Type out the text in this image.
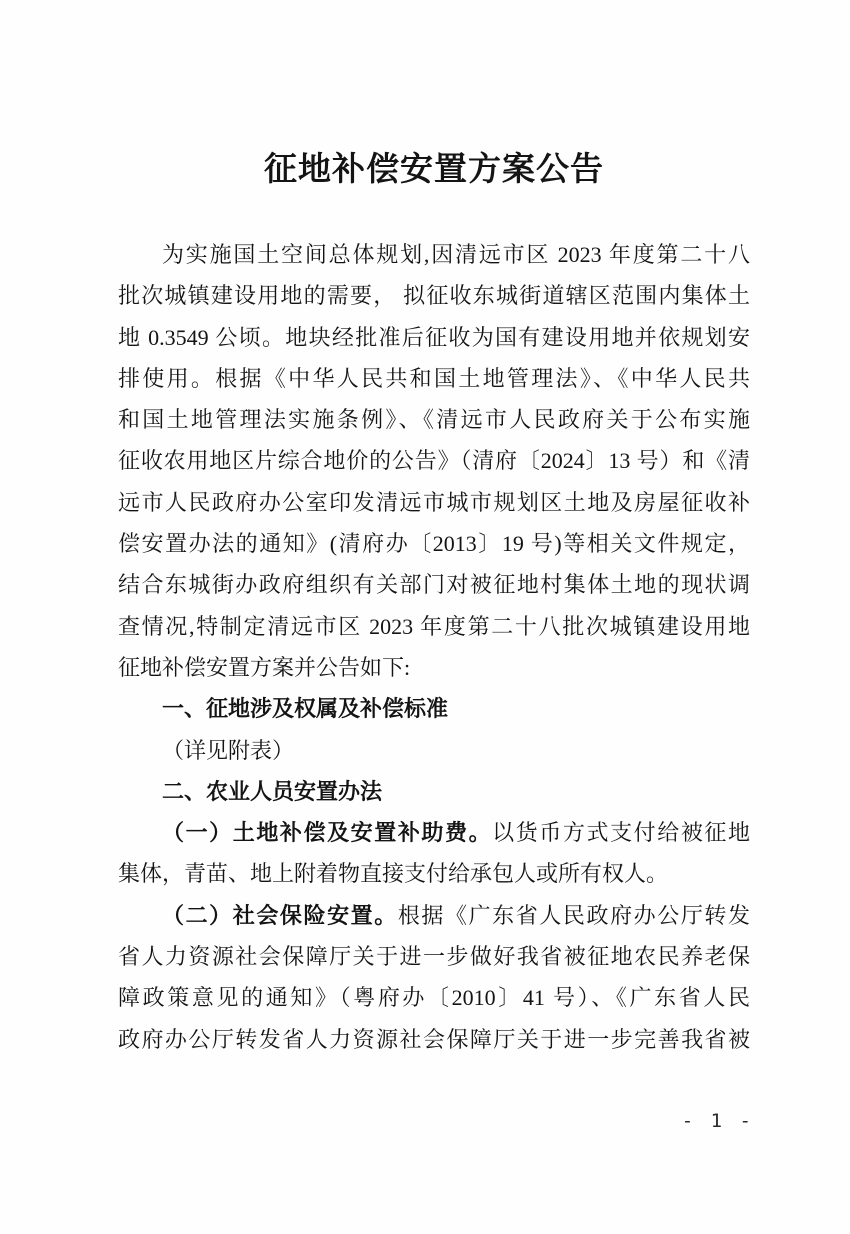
征地补偿安置方案公告
为实施国土空间总体规划,因清远市区 2023 年度第二十八
批次城镇建设用地的需要， 拟征收东城街道辖区范围内集体土
地 0.3549 公顷。地块经批准后征收为国有建设用地并依规划安
排使用。根据《中华人民共和国土地管理法》、《中华人民共
和国土地管理法实施条例》、《清远市人民政府关于公布实施
征收农用地区片综合地价的公告》（清府〔2024〕13 号）和《清
远市人民政府办公室印发清远市城市规划区土地及房屋征收补
偿安置办法的通知》(清府办〔2013〕19 号)等相关文件规定，
结合东城街办政府组织有关部门对被征地村集体土地的现状调
查情况,特制定清远市区 2023 年度第二十八批次城镇建设用地
征地补偿安置方案并公告如下:
一、征地涉及权属及补偿标准
（详见附表）
二、农业人员安置办法
（一）土地补偿及安置补助费。以货币方式支付给被征地
集体，青苗、地上附着物直接支付给承包人或所有权人。
（二）社会保险安置。根据《广东省人民政府办公厅转发
省人力资源社会保障厅关于进一步做好我省被征地农民养老保
障政策意见的通知》（粤府办〔2010〕41 号）、《广东省人民
政府办公厅转发省人力资源社会保障厅关于进一步完善我省被
- 1 -
